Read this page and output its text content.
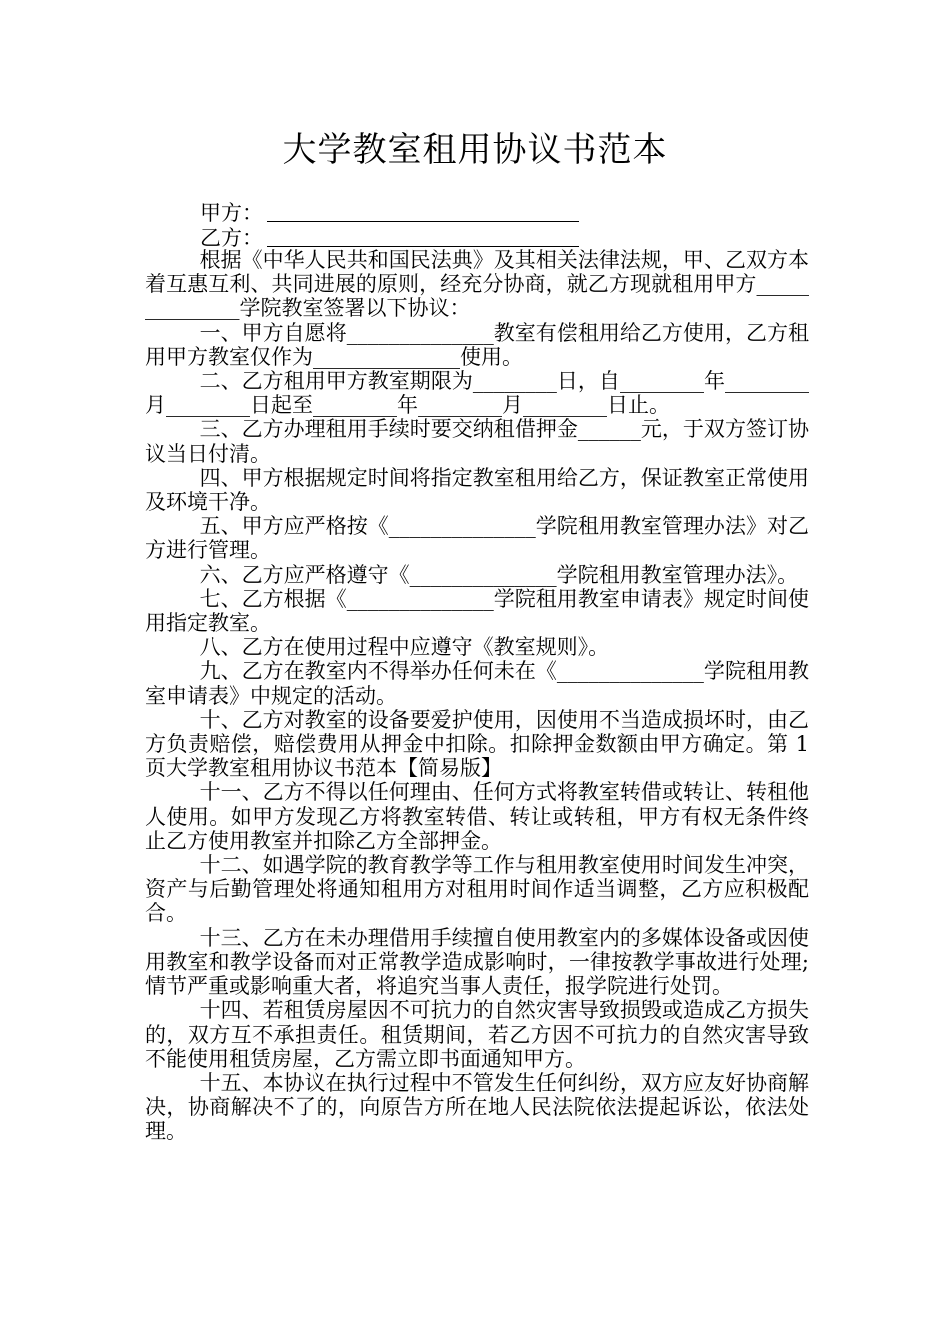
大学教室租用协议书范本
甲方：
乙方：

根据《中华人民共和国民法典》及其相关法律法规，甲、乙双方本着互惠互利、共同进展的原则，经充分协商，就乙方现就租用甲方______________学院教室签署以下协议：

一、甲方自愿将______________教室有偿租用给乙方使用，乙方租用甲方教室仅作为______________使用。

二、乙方租用甲方教室期限为________日，自________年________月________日起至________年________月________日止。

三、乙方办理租用手续时要交纳租借押金______元，于双方签订协议当日付清。

四、甲方根据规定时间将指定教室租用给乙方，保证教室正常使用及环境干净。

五、甲方应严格按《______________学院租用教室管理办法》对乙方进行管理。

六、乙方应严格遵守《______________学院租用教室管理办法》。

七、乙方根据《______________学院租用教室申请表》规定时间使用指定教室。

八、乙方在使用过程中应遵守《教室规则》。

九、乙方在教室内不得举办任何未在《______________学院租用教室申请表》中规定的活动。

十、乙方对教室的设备要爱护使用，因使用不当造成损坏时，由乙方负责赔偿，赔偿费用从押金中扣除。扣除押金数额由甲方确定。第 1 页大学教室租用协议书范本【简易版】

十一、乙方不得以任何理由、任何方式将教室转借或转让、转租他人使用。如甲方发现乙方将教室转借、转让或转租，甲方有权无条件终止乙方使用教室并扣除乙方全部押金。

十二、如遇学院的教育教学等工作与租用教室使用时间发生冲突，资产与后勤管理处将通知租用方对租用时间作适当调整，乙方应积极配合。

十三、乙方在未办理借用手续擅自使用教室内的多媒体设备或因使用教室和教学设备而对正常教学造成影响时，一律按教学事故进行处理;情节严重或影响重大者，将追究当事人责任，报学院进行处罚。

十四、若租赁房屋因不可抗力的自然灾害导致损毁或造成乙方损失的，双方互不承担责任。租赁期间，若乙方因不可抗力的自然灾害导致不能使用租赁房屋，乙方需立即书面通知甲方。

十五、本协议在执行过程中不管发生任何纠纷，双方应友好协商解决，协商解决不了的，向原告方所在地人民法院依法提起诉讼，依法处理。
